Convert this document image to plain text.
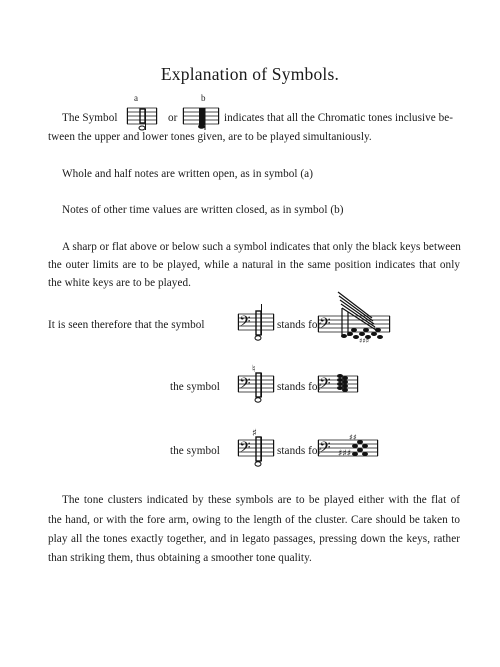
Explanation of Symbols.
The Symbol
a
or
b
indicates that all the Chromatic tones inclusive be-
tween the upper and lower tones given, are to be played simultaniously.
Whole and half notes are written open, as in symbol (a)
Notes of other time values are written closed, as in symbol (b)
A sharp or flat above or below such a symbol indicates that only the black keys between
the outer limits are to be played, while a natural in the same position indicates that only
the white keys are to be played.
It is seen therefore that the symbol 𝄢 stands for
𝄢
♯♯♯
the symbol 𝄢
♮
stands for
𝄢
the symbol 𝄢
♯
stands for
𝄢 ♯♯♯
♯♯
The tone clusters indicated by these symbols are to be played either with the flat of
the hand, or with the fore arm, owing to the length of the cluster. Care should be taken to
play all the tones exactly together, and in legato passages, pressing down the keys, rather
than striking them, thus obtaining a smoother tone quality.
